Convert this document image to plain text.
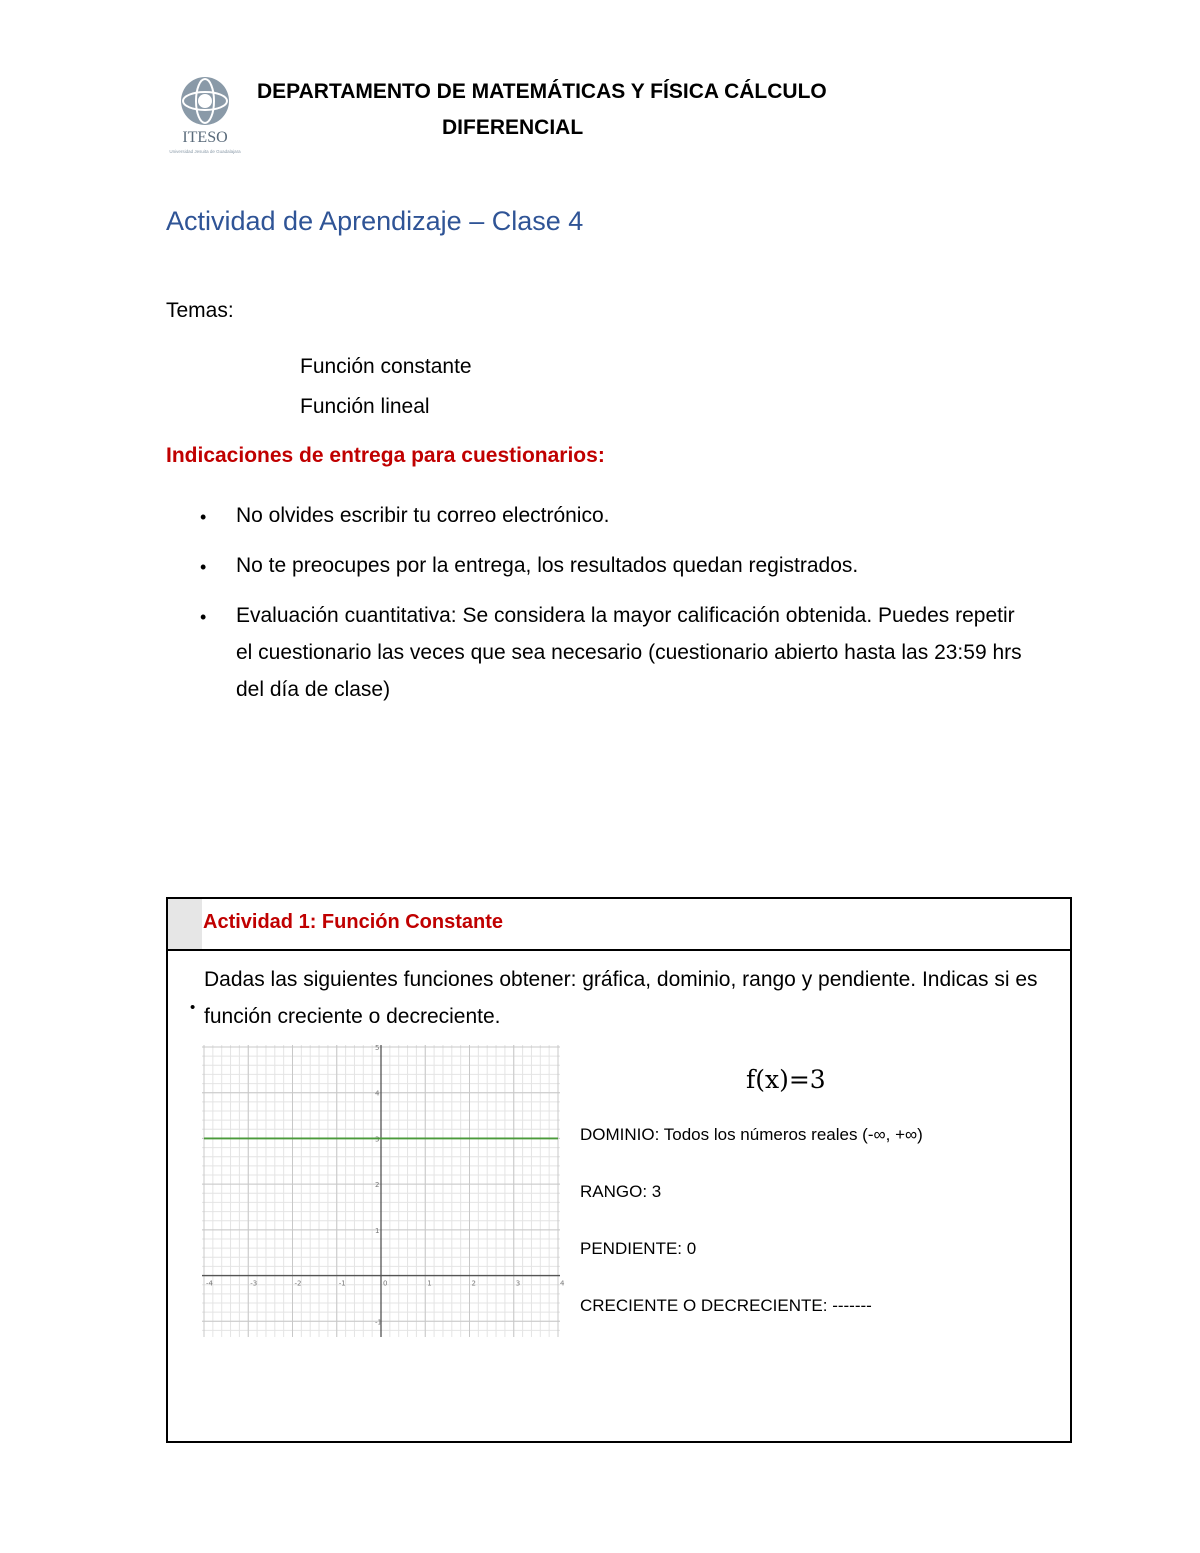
ITESO
Universidad Jesuita de Guadalajara
DEPARTAMENTO DE MATEMÁTICAS Y FÍSICA CÁLCULO
DIFERENCIAL
Actividad de Aprendizaje – Clase 4
Temas:
Función constante
Función lineal
Indicaciones de entrega para cuestionarios:
• No olvides escribir tu correo electrónico.
• No te preocupes por la entrega, los resultados quedan registrados.
• Evaluación cuantitativa: Se considera la mayor calificación obtenida. Puedes repetir el cuestionario las veces que sea necesario (cuestionario abierto hasta las 23:59 hrs del día de clase)
Actividad 1: Función Constante
Dadas las siguientes funciones obtener: gráfica, dominio, rango y pendiente. Indicas si es función creciente o decreciente.
•
-4	-3	-2	-1	0	1	2	3	4
-1
1
2
3
4
5
f(x)=3
DOMINIO: Todos los números reales (-∞, +∞)
RANGO: 3
PENDIENTE: 0
CRECIENTE O DECRECIENTE: -------
